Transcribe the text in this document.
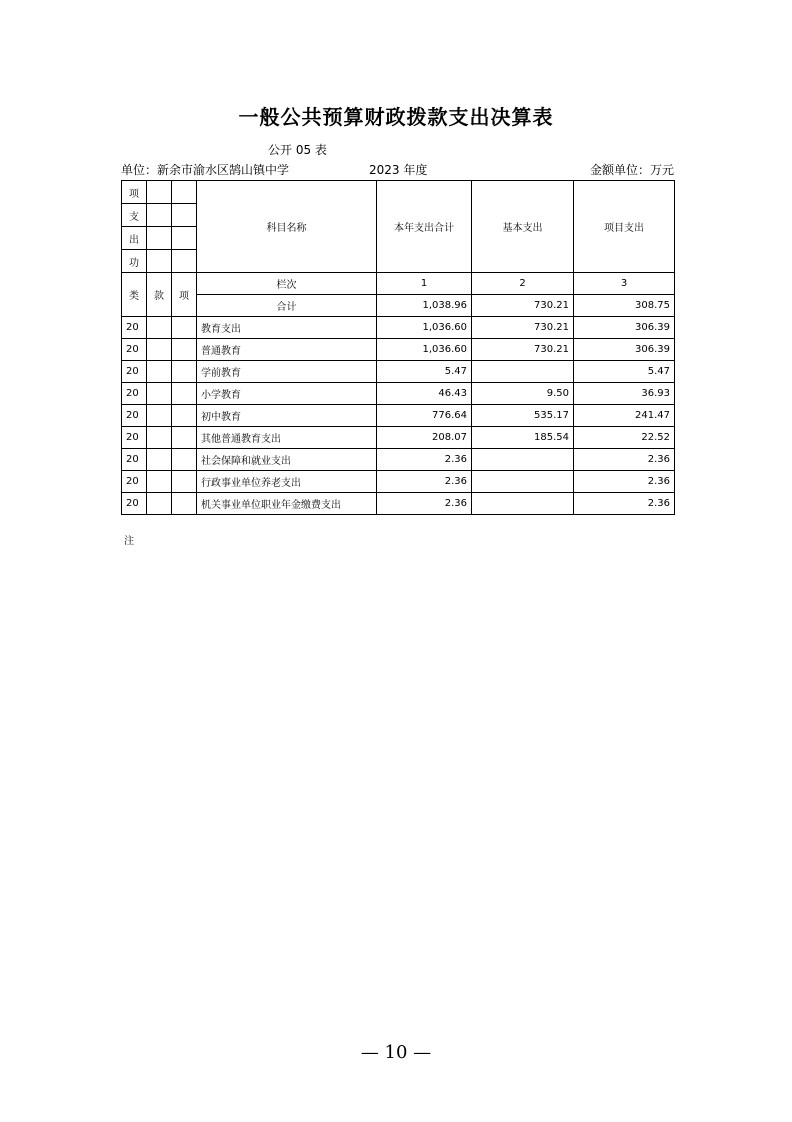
一般公共预算财政拨款支出决算表
公开 05 表
单位：新余市渝水区鹄山镇中学	2023 年度	金额单位：万元
项			科目名称	本年支出合计	基本支出	项目支出
支						
出						
功						
类	款	项	栏次	1	2	3
			合计	1,038.96	730.21	308.75
20			教育支出	1,036.60	730.21	306.39
20			普通教育	1,036.60	730.21	306.39
20			学前教育	5.47		5.47
20			小学教育	46.43	9.50	36.93
20			初中教育	776.64	535.17	241.47
20			其他普通教育支出	208.07	185.54	22.52
20			社会保障和就业支出	2.36		2.36
20			行政事业单位养老支出	2.36		2.36
20			机关事业单位职业年金缴费支出	2.36		2.36
注
— 10 —
